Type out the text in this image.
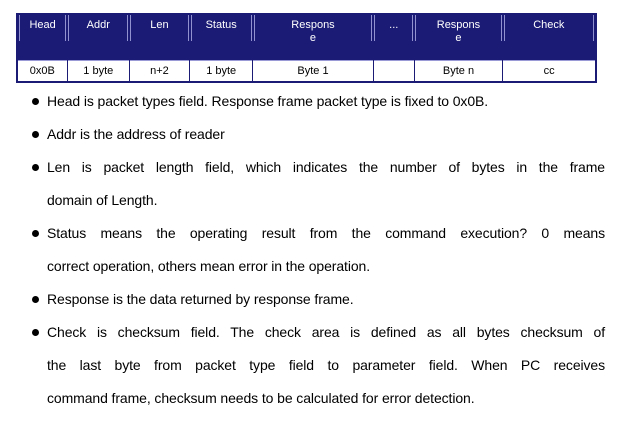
Head	Addr	Len	Status	Response	...	Response	Check
0x0B	1 byte	n+2	1 byte	Byte 1		Byte n	cc
Head is packet types field. Response frame packet type is fixed to 0x0B.
Addr is the address of reader
Len is packet length field, which indicates the number of bytes in the frame
domain of Length.
Status means the operating result from the command execution? 0 means
correct operation, others mean error in the operation.
Response is the data returned by response frame.
Check is checksum field. The check area is defined as all bytes checksum of
the last byte from packet type field to parameter field. When PC receives
command frame, checksum needs to be calculated for error detection.
